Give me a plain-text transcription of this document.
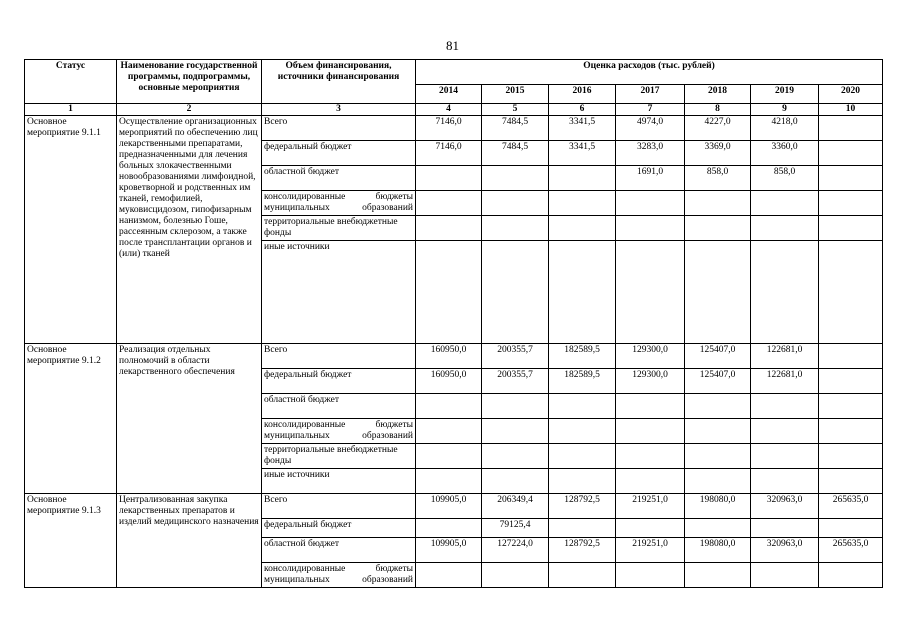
81
Статус	Наименование государственной программы, подпрограммы, основные мероприятия	Объем финансирования, источники финансирования	Оценка расходов (тыс. рублей)						
			2014	2015	2016	2017	2018	2019	2020
1	2	3	4	5	6	7	8	9	10
Основное мероприятие 9.1.1	Осуществление организационных мероприятий по обеспечению лиц лекарственными препаратами, предназначенными для лечения больных злокачественными новообразованиями лимфоидной, кроветворной и родственных им тканей, гемофилией, муковисцидозом, гипофизарным нанизмом, болезнью Гоше, рассеянным склерозом, а также после трансплантации органов и (или) тканей	Всего	7146,0	7484,5	3341,5	4974,0	4227,0	4218,0	
		федеральный бюджет	7146,0	7484,5	3341,5	3283,0	3369,0	3360,0	
		областной бюджет				1691,0	858,0	858,0	
		консолидированные бюджеты муниципальных образований							
		территориальные внебюджетные фонды							
		иные источники							
Основное мероприятие 9.1.2	Реализация отдельных полномочий в области лекарственного обеспечения	Всего	160950,0	200355,7	182589,5	129300,0	125407,0	122681,0	
		федеральный бюджет	160950,0	200355,7	182589,5	129300,0	125407,0	122681,0	
		областной бюджет							
		консолидированные бюджеты муниципальных образований							
		территориальные внебюджетные фонды							
		иные источники							
Основное мероприятие 9.1.3	Централизованная закупка лекарственных препаратов и изделий медицинского назначения	Всего	109905,0	206349,4	128792,5	219251,0	198080,0	320963,0	265635,0
		федеральный бюджет		79125,4					
		областной бюджет	109905,0	127224,0	128792,5	219251,0	198080,0	320963,0	265635,0
		консолидированные бюджеты муниципальных образований							
